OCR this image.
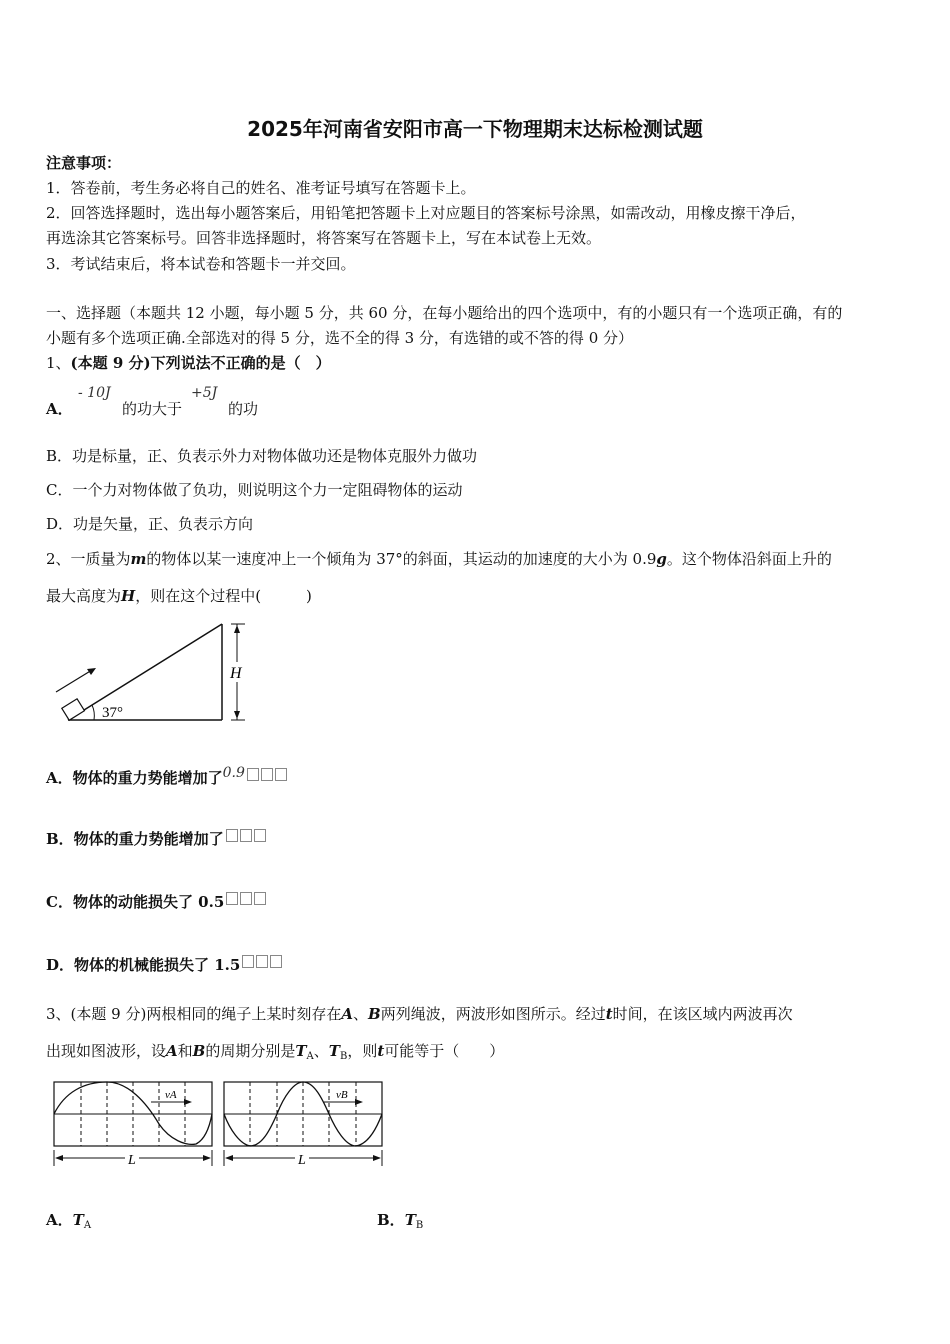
2025年河南省安阳市高一下物理期末达标检测试题
注意事项：
1．答卷前，考生务必将自己的姓名、准考证号填写在答题卡上。
2．回答选择题时，选出每小题答案后，用铅笔把答题卡上对应题目的答案标号涂黑，如需改动，用橡皮擦干净后，
再选涂其它答案标号。回答非选择题时，将答案写在答题卡上，写在本试卷上无效。
3．考试结束后，将本试卷和答题卡一并交回。
一、选择题（本题共 12 小题，每小题 5 分，共 60 分，在每小题给出的四个选项中，有的小题只有一个选项正确，有的
小题有多个选项正确.全部选对的得 5 分，选不全的得 3 分，有选错的或不答的得 0 分）
1、(本题 9 分)下列说法不正确的是（　）
A．
- 10J
的功大于
+5J
的功
B．功是标量，正、负表示外力对物体做功还是物体克服外力做功
C．一个力对物体做了负功，则说明这个力一定阻碍物体的运动
D．功是矢量，正、负表示方向
2、一质量为m的物体以某一速度冲上一个倾角为 37°的斜面，其运动的加速度的大小为 0.9g。这个物体沿斜面上升的
最大高度为H，则在这个过程中(　　　)
37°
H
A．物体的重力势能增加了0.9
B．物体的重力势能增加了
C．物体的动能损失了 0.5
D．物体的机械能损失了 1.5
3、(本题 9 分)两根相同的绳子上某时刻存在A、B两列绳波，两波形如图所示。经过t时间，在该区域内两波再次
出现如图波形，设A和B的周期分别是$T_A$、$T_B$，则t可能等于（　　）
vA
L
vB
L
A．$T_A$	B．$T_B$
